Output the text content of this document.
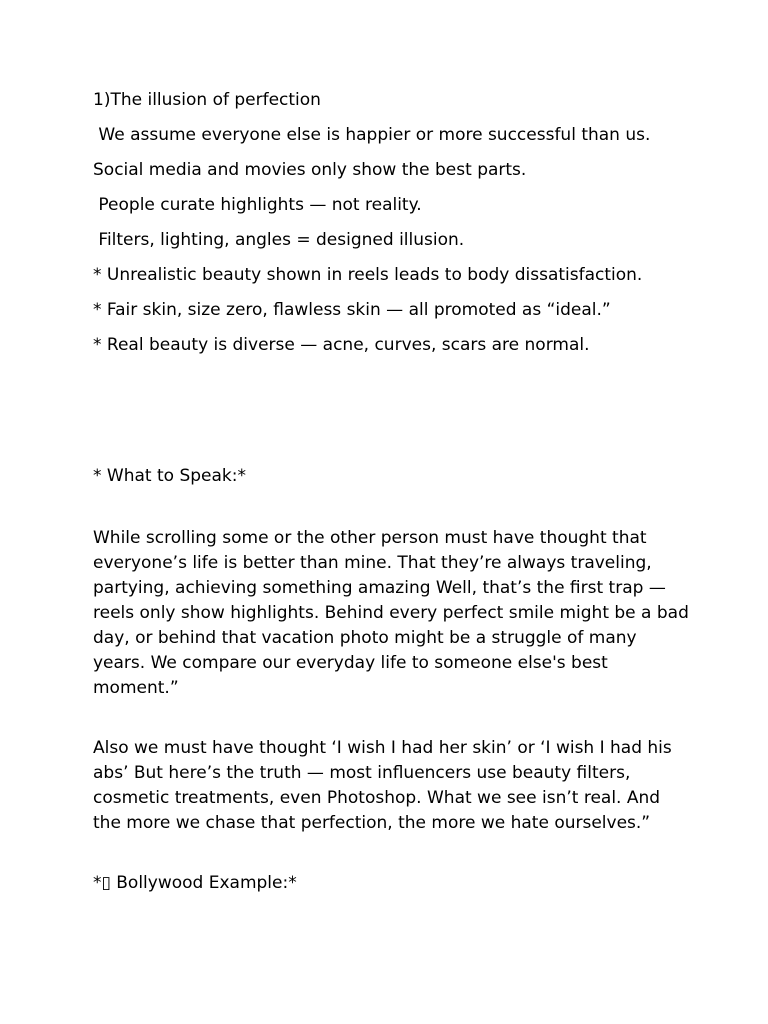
1)The illusion of perfection
We assume everyone else is happier or more successful than us.
Social media and movies only show the best parts.
People curate highlights — not reality.
Filters, lighting, angles = designed illusion.
* Unrealistic beauty shown in reels leads to body dissatisfaction.
* Fair skin, size zero, flawless skin — all promoted as “ideal.”
* Real beauty is diverse — acne, curves, scars are normal.
* What to Speak:*

While scrolling some or the other person must have thought that everyone’s life is better than mine. That they’re always traveling, partying, achieving something amazing Well, that’s the first trap — reels only show highlights. Behind every perfect smile might be a bad day, or behind that vacation photo might be a struggle of many years. We compare our everyday life to someone else's best moment.”

Also we must have thought ‘I wish I had her skin’ or ‘I wish I had his abs’ But here’s the truth — most influencers use beauty filters, cosmetic treatments, even Photoshop. What we see isn’t real. And the more we chase that perfection, the more we hate ourselves.”

*▯ Bollywood Example:*
